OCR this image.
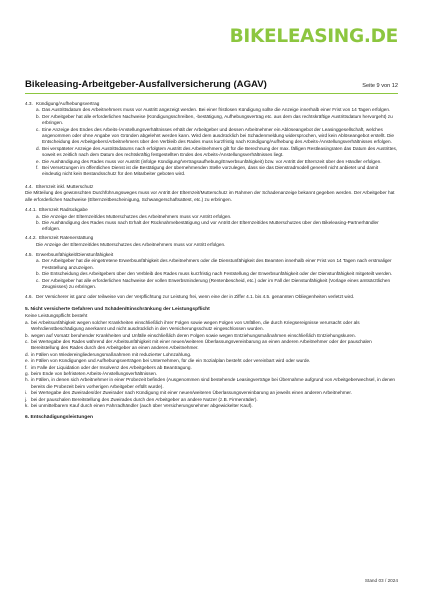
BIKELEASING.DE
Bikeleasing-Arbeitgeber-Ausfallversicherung (AGAV)	Seite 9 von 12
4.3. Kündigung/Aufhebungsvertrag
a. Das Austrittsdatum des Arbeitnehmers muss vor Austritt angezeigt werden. Bei einer fristlosen Kündigung sollte die Anzeige innerhalb einer Frist von 14 Tagen erfolgen.
b. Der Arbeitgeber hat alle erforderlichen Nachweise (Kündigungsschreiben, -bestätigung, Aufhebungsvertrag etc. aus dem das rechtskräftige Austrittsdatum hervorgeht) zu erbringen.
c. Eine Anzeige des Endes des Arbeits-/Anstellungsverhältnisses erhält der Arbeitgeber und dessen Arbeitnehmer ein Ablöseangebot der Leasinggesellschaft, welches angenommen oder ohne Angabe von Gründen abgelehnt werden kann. Wird dem ausdrücklich bei Schadenmeldung widersprochen, wird kein Ablöseangebot erstellt. Die Entscheidung des Arbeitgebers/Arbeitnehmers über den Verbleib des Rades muss kurzfristig nach Kündigung/Aufhebung des Arbeits-/Anstellungsverhältnisses erfolgen.
d. Bei verspäteter Anzeige des Austrittsdatums nach erfolgtem Austritt des Arbeitnehmers gilt für die Berechnung der max. fälligen Restleasingraten das Datum des Austrittes, soweit es zeitlich nach dem Datum des rechtskräftig festgestellten Endes des Arbeits-/Anstellungsverhältnisses liegt.
e. Die Aushändigung des Rades muss vor Austritt (infolge Kündigung/Vertragsaufhebung/Erwerbsunfähigkeit) bzw. vor Antritt der Elternzeit über den Händler erfolgen.
f. Bei Versetzungen im öffentlichen Dienst ist die Bestätigung der übernehmenden Stelle vorzulegen, dass sie das Dienstradmodell generell nicht anbietet und damit eindeutig nicht kein Bestandsschutz für den Mitarbeiter geboten wird.
4.4. Elternzeit inkl. Mutterschutz
Die Mitteilung des gewünschten Durchführungsweges muss vor Antritt der Elternzeit/Mutterschutz im Rahmen der Schadenanzeige bekannt gegeben werden. Der Arbeitgeber hat alle erforderlichen Nachweise (Elternzeitbescheinigung, Schwangerschaftsattest, etc.) zu erbringen.
4.4.1. Elternzeit Radrückgabe
a. Die Anzeige der Elternzeit/des Mutterschutzes des Arbeitnehmers muss vor Antritt erfolgen.
b. Die Aushändigung des Rades muss nach Erhalt der Rücknahmebestätigung und vor Antritt der Elternzeit/des Mutterschutzes über den Bikeleasing-Partnerhändler erfolgen.
4.4.2. Elternzeit Ratenerstattung
Die Anzeige der Elternzeit/des Mutterschutzes des Arbeitnehmers muss vor Antritt erfolgen.
4.5. Erwerbsunfähigkeit/Dienstunfähigkeit
a. Der Arbeitgeber hat die eingetretene Erwerbsunfähigkeit des Arbeitnehmers oder die Dienstunfähigkeit des Beamten innerhalb einer Frist von 14 Tagen nach erstmaliger Feststellung anzuzeigen.
b. Die Entscheidung des Arbeitgebers über den Verbleib des Rades muss kurzfristig nach Feststellung der Erwerbsunfähigkeit oder der Dienstunfähigkeit mitgeteilt werden.
c. Der Arbeitgeber hat alle erforderlichen Nachweise der vollen Erwerbsminderung (Rentenbescheid, etc.) oder im Fall der Dienstunfähigkeit (Vorlage eines amtsärztlichen Zeugnisses) zu erbringen.
4.6. Der Versicherer ist ganz oder teilweise von der Verpflichtung zur Leistung frei, wenn eine der in Ziffer 4.1. bis 4.5. genannten Obliegenheiten verletzt wird.
5. Nicht versicherte Gefahren und Schäden/Einschränkung der Leistungspflicht
Keine Leistungspflicht besteht
a. bei Arbeitsunfähigkeit wegen solcher Krankheiten einschließlich ihrer Folgen sowie wegen Folgen von Unfällen, die durch Kriegsereignisse verursacht oder als Wehrdienstbeschädigung anerkannt und nicht ausdrücklich in den Versicherungsschutz eingeschlossen wurden.
b. wegen auf Vorsatz beruhender Krankheiten und Unfälle einschließlich deren Folgen sowie wegen Entziehungsmaßnahmen einschließlich Entziehungskuren.
c. bei Wertegabe des Rades während der Arbeitsunfähigkeit mit einer neuen/weiteren Überlassungsvereinbarung an einen anderen Arbeitnehmer oder der pauschalen Bereitstellung des Rades durch den Arbeitgeber an einen anderen Arbeitnehmer.
d. in Fällen von Wiedereingliederungsmaßnahmen mit reduzierter Lohnzahlung.
e. in Fällen von Kündigungen und Aufhebungsverträgen bei Unternehmen, für die ein Sozialplan besteht oder vereinbart wird oder wurde.
f. im Falle der Liquidation oder der Insolvenz des Arbeitgebers ab Beantragung.
g. beim Ende von befristeten Arbeits-/Anstellungsverhältnissen.
h. in Fällen, in denen sich Arbeitnehmer in einer Probezeit befinden (Ausgenommen sind bestehende Leasingverträge bei Übernahme aufgrund von Arbeitgeberwechsel, in denen bereits die Probezeit beim vorherigen Arbeitgeber erfüllt wurde).
i. bei Wertegabe des Zweirades/der Zweirader nach Kündigung mit einer neuen/weiteren Überlassungsvereinbarung an jeweils einen anderen Arbeitnehmer.
j. bei der pauschalen Bereitstellung des Zweirades durch den Arbeitgeber an andere Nutzer (z.B. Firmenräder).
k. bei unmittelbarem Kauf durch einen Fahrradhändler (auch über Versicherungsnehmer abgewickelter Kauf).
6. Entschädigungsleistungen
Stand 03 / 2024
